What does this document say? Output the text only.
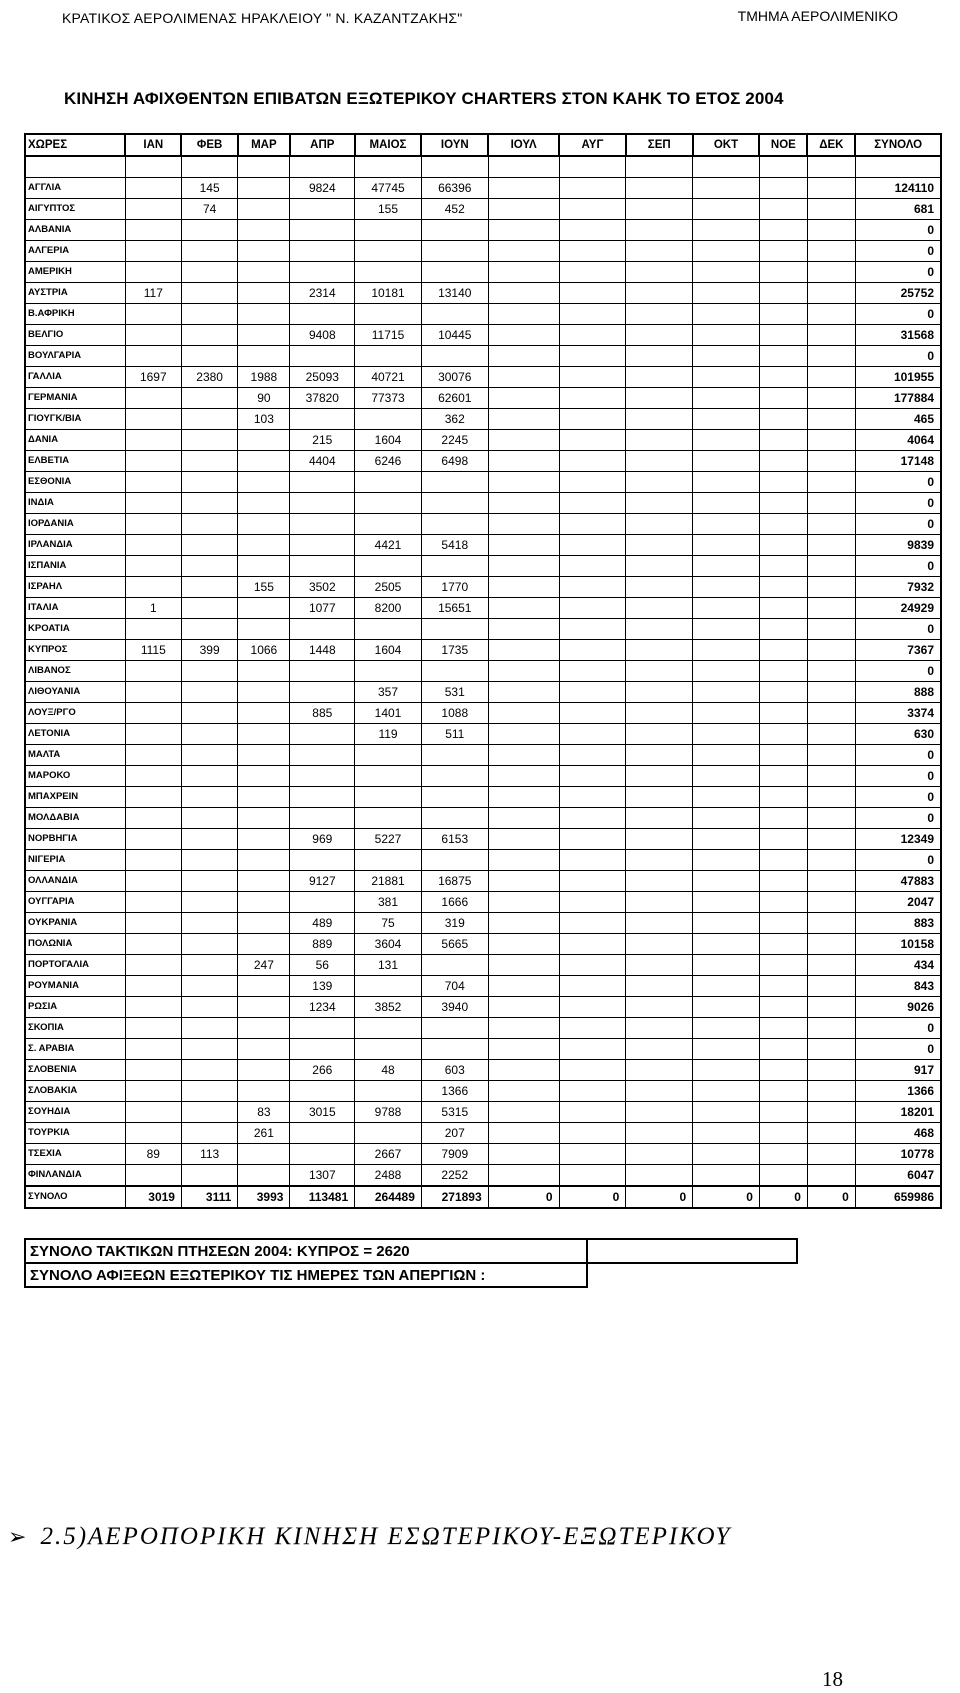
ΚΡΑΤΙΚΟΣ ΑΕΡΟΛΙΜΕΝΑΣ ΗΡΑΚΛΕΙΟΥ " Ν. ΚΑΖΑΝΤΖΑΚΗΣ"	ΤΜΗΜΑ ΑΕΡΟΛΙΜΕΝΙΚΟ
ΚΙΝΗΣΗ ΑΦΙΧΘΕΝΤΩΝ ΕΠΙΒΑΤΩΝ ΕΞΩΤΕΡΙΚΟΥ CHARTERS ΣΤΟΝ ΚΑΗΚ ΤΟ ΕΤΟΣ 2004
ΧΩΡΕΣ	ΙΑΝ	ΦΕΒ	ΜΑΡ	ΑΠΡ	ΜΑΙΟΣ	ΙΟΥΝ	ΙΟΥΛ	ΑΥΓ	ΣΕΠ	ΟΚΤ	ΝΟΕ	ΔΕΚ	ΣΥΝΟΛΟ

ΑΓΓΛΙΑ		145		9824	47745	66396							124110
ΑΙΓΥΠΤΟΣ		74			155	452							681
ΑΛΒΑΝΙΑ													0
ΑΛΓΕΡΙΑ													0
ΑΜΕΡΙΚΗ													0
ΑΥΣΤΡΙΑ	117			2314	10181	13140							25752
Β.ΑΦΡΙΚΗ													0
ΒΕΛΓΙΟ				9408	11715	10445							31568
ΒΟΥΛΓΑΡΙΑ													0
ΓΑΛΛΙΑ	1697	2380	1988	25093	40721	30076							101955
ΓΕΡΜΑΝΙΑ			90	37820	77373	62601							177884
ΓΙΟΥΓΚ/ΒΙΑ			103			362							465
ΔΑΝΙΑ				215	1604	2245							4064
ΕΛΒΕΤΙΑ				4404	6246	6498							17148
ΕΣΘΟΝΙΑ													0
ΙΝΔΙΑ													0
ΙΟΡΔΑΝΙΑ													0
ΙΡΛΑΝΔΙΑ					4421	5418							9839
ΙΣΠΑΝΙΑ													0
ΙΣΡΑΗΛ			155	3502	2505	1770							7932
ΙΤΑΛΙΑ	1			1077	8200	15651							24929
ΚΡΟΑΤΙΑ													0
ΚΥΠΡΟΣ	1115	399	1066	1448	1604	1735							7367
ΛΙΒΑΝΟΣ													0
ΛΙΘΟΥΑΝΙΑ					357	531							888
ΛΟΥΞ/ΡΓΟ				885	1401	1088							3374
ΛΕΤΟΝΙΑ					119	511							630
ΜΑΛΤΑ													0
ΜΑΡΟΚΟ													0
ΜΠΑΧΡΕΙΝ													0
ΜΟΛΔΑΒΙΑ													0
ΝΟΡΒΗΓΙΑ				969	5227	6153							12349
ΝΙΓΕΡΙΑ													0
ΟΛΛΑΝΔΙΑ				9127	21881	16875							47883
ΟΥΓΓΑΡΙΑ					381	1666							2047
ΟΥΚΡΑΝΙΑ				489	75	319							883
ΠΟΛΩΝΙΑ				889	3604	5665							10158
ΠΟΡΤΟΓΑΛΙΑ			247	56	131								434
ΡΟΥΜΑΝΙΑ				139		704							843
ΡΩΣΙΑ				1234	3852	3940							9026
ΣΚΟΠΙΑ													0
Σ. ΑΡΑΒΙΑ													0
ΣΛΟΒΕΝΙΑ				266	48	603							917
ΣΛΟΒΑΚΙΑ						1366							1366
ΣΟΥΗΔΙΑ			83	3015	9788	5315							18201
ΤΟΥΡΚΙΑ			261			207							468
ΤΣΕΧΙΑ	89	113			2667	7909							10778
ΦΙΝΛΑΝΔΙΑ				1307	2488	2252							6047
ΣΥΝΟΛΟ	3019	3111	3993	113481	264489	271893	0	0	0	0	0	0	659986
ΣΥΝΟΛΟ ΤΑΚΤΙΚΩΝ ΠΤΗΣΕΩΝ 2004: ΚΥΠΡΟΣ = 2620		
ΣΥΝΟΛΟ ΑΦΙΞΕΩΝ ΕΞΩΤΕΡΙΚΟΥ ΤΙΣ ΗΜΕΡΕΣ ΤΩΝ ΑΠΕΡΓΙΩΝ :
➢ 2.5)ΑΕΡΟΠΟΡΙΚΗ ΚΙΝΗΣΗ ΕΣΩΤΕΡΙΚΟΥ-ΕΞΩΤΕΡΙΚΟΥ
18
